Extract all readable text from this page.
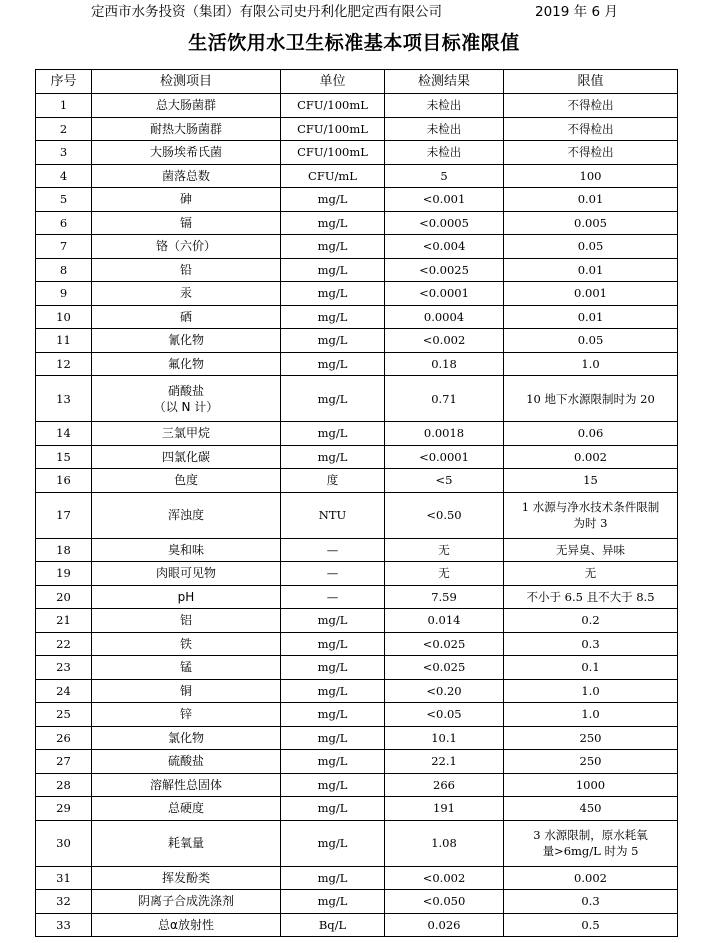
定西市水务投资（集团）有限公司史丹利化肥定西有限公司	2019 年 6 月
生活饮用水卫生标准基本项目标准限值
序号	检测项目	单位	检测结果	限值
1	总大肠菌群	CFU/100mL	未检出	不得检出
2	耐热大肠菌群	CFU/100mL	未检出	不得检出
3	大肠埃希氏菌	CFU/100mL	未检出	不得检出
4	菌落总数	CFU/mL	5	100
5	砷	mg/L	<0.001	0.01
6	镉	mg/L	<0.0005	0.005
7	铬（六价）	mg/L	<0.004	0.05
8	铅	mg/L	<0.0025	0.01
9	汞	mg/L	<0.0001	0.001
10	硒	mg/L	0.0004	0.01
11	氰化物	mg/L	<0.002	0.05
12	氟化物	mg/L	0.18	1.0
13	硝酸盐
（以 N 计）	mg/L	0.71	10 地下水源限制时为 20
14	三氯甲烷	mg/L	0.0018	0.06
15	四氯化碳	mg/L	<0.0001	0.002
16	色度	度	<5	15
17	浑浊度	NTU	<0.50	1 水源与净水技术条件限制
为时 3
18	臭和味	—	无	无异臭、异味
19	肉眼可见物	—	无	无
20	pH	—	7.59	不小于 6.5 且不大于 8.5
21	铝	mg/L	0.014	0.2
22	铁	mg/L	<0.025	0.3
23	锰	mg/L	<0.025	0.1
24	铜	mg/L	<0.20	1.0
25	锌	mg/L	<0.05	1.0
26	氯化物	mg/L	10.1	250
27	硫酸盐	mg/L	22.1	250
28	溶解性总固体	mg/L	266	1000
29	总硬度	mg/L	191	450
30	耗氧量	mg/L	1.08	3 水源限制，原水耗氧
量>6mg/L 时为 5
31	挥发酚类	mg/L	<0.002	0.002
32	阴离子合成洗涤剂	mg/L	<0.050	0.3
33	总α放射性	Bq/L	0.026	0.5
